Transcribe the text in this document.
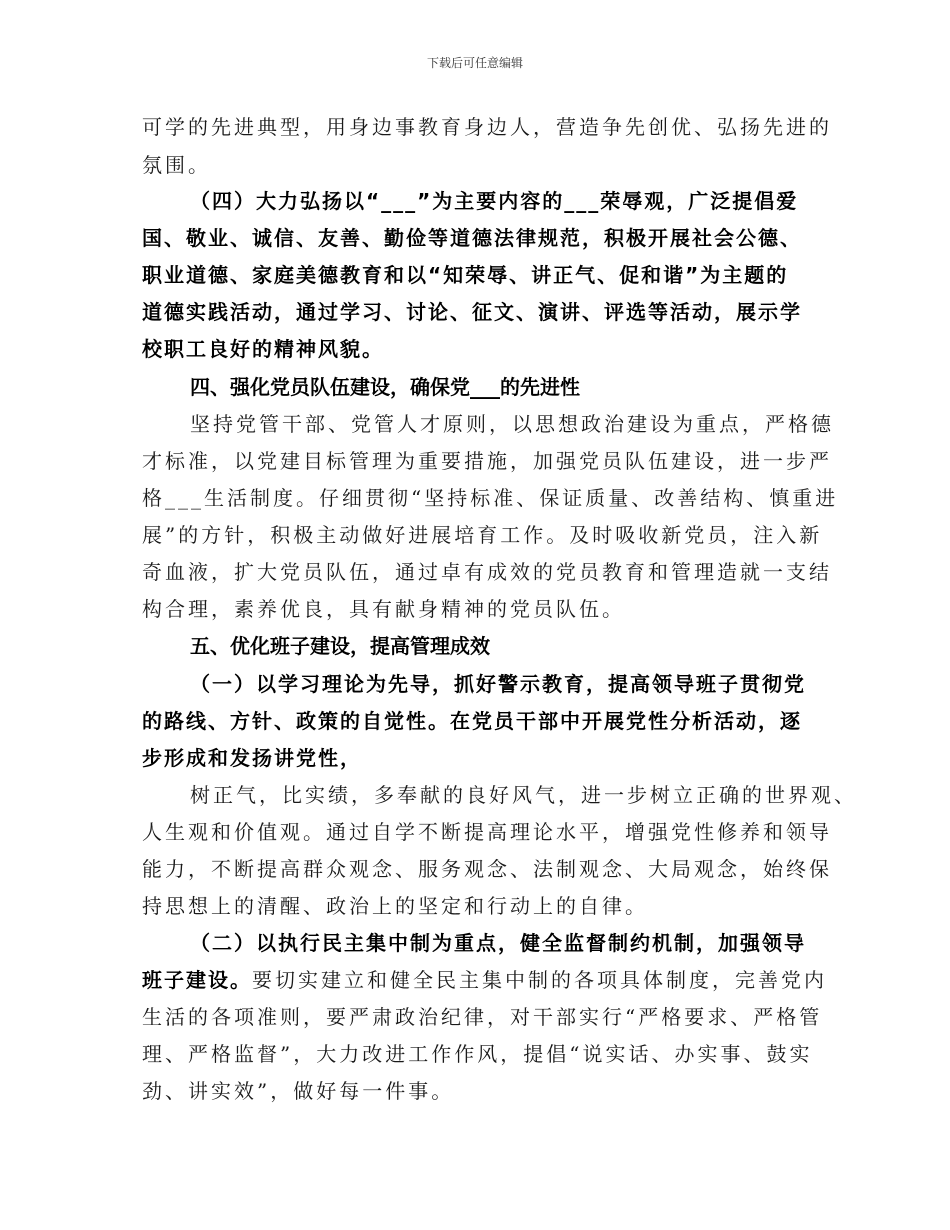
下载后可任意编辑
可学的先进典型，用身边事教育身边人，营造争先创优、弘扬先进的
氛围。
（四）大力弘扬以“___”为主要内容的___荣辱观，广泛提倡爱
国、敬业、诚信、友善、勤俭等道德法律规范，积极开展社会公德、
职业道德、家庭美德教育和以“知荣辱、讲正气、促和谐”为主题的
道德实践活动，通过学习、讨论、征文、演讲、评选等活动，展示学
校职工良好的精神风貌。
四、强化党员队伍建设，确保党___的先进性
坚持党管干部、党管人才原则，以思想政治建设为重点，严格德
才标准，以党建目标管理为重要措施，加强党员队伍建设，进一步严
格___生活制度。仔细贯彻“坚持标准、保证质量、改善结构、慎重进
展”的方针，积极主动做好进展培育工作。及时吸收新党员，注入新
奇血液，扩大党员队伍，通过卓有成效的党员教育和管理造就一支结
构合理，素养优良，具有献身精神的党员队伍。
五、优化班子建设，提高管理成效
（一）以学习理论为先导，抓好警示教育，提高领导班子贯彻党
的路线、方针、政策的自觉性。在党员干部中开展党性分析活动，逐
步形成和发扬讲党性，
树正气，比实绩，多奉献的良好风气，进一步树立正确的世界观、
人生观和价值观。通过自学不断提高理论水平，增强党性修养和领导
能力，不断提高群众观念、服务观念、法制观念、大局观念，始终保
持思想上的清醒、政治上的坚定和行动上的自律。
（二）以执行民主集中制为重点，健全监督制约机制，加强领导
班子建设。要切实建立和健全民主集中制的各项具体制度，完善党内
生活的各项准则，要严肃政治纪律，对干部实行“严格要求、严格管
理、严格监督”，大力改进工作作风，提倡“说实话、办实事、鼓实
劲、讲实效”，做好每一件事。
